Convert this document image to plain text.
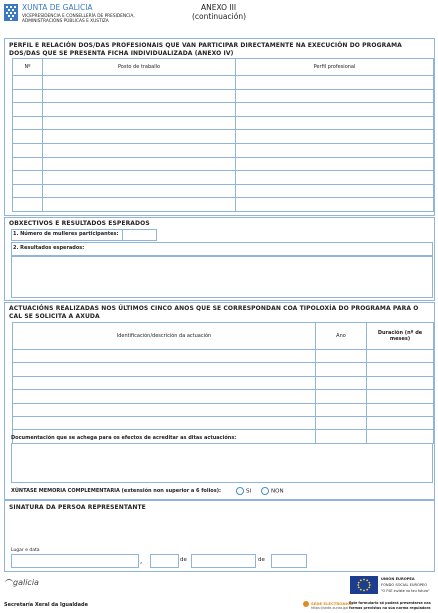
XUNTA DE GALICIA
VICEPRESIDENCIA E CONSELLERÍA DE PRESIDENCIA,
ADMINISTRACIÓNS PÚBLICAS E XUSTIZA
ANEXO III
(continuación)
PERFIL E RELACIÓN DOS/DAS PROFESIONAIS QUE VAN PARTICIPAR DIRECTAMENTE NA EXECUCIÓN DO PROGRAMA DOS/DAS QUE SE PRESENTA FICHA INDIVIDUALIZADA (ANEXO IV)
Nº	Posto de traballo	Perfil profesional

OBXECTIVOS E RESULTADOS ESPERADOS
1. Número de mulleres participantes:
2. Resultados esperados:
ACTUACIÓNS REALIZADAS NOS ÚLTIMOS CINCO ANOS QUE SE CORRESPONDAN COA TIPOLOXÍA DO PROGRAMA PARA O CAL SE SOLICITA A AXUDA
Identificación/descrición da actuación	Ano	Duración (nº de meses)

Documentación que se achega para os efectos de acreditar as ditas actuacións:
XÚNTASE MEMORIA COMPLEMENTARIA (extensión non superior a 6 folios):	SI	NON
SINATURA DA PERSOA REPRESENTANTE
Lugar e data
,	de	de
galicia	UNIÓN EUROPEA
FONDO SOCIAL EUROPEO
"O FSE inviste no teu futuro"
Secretaría Xeral da Igualdade	SEDE ELECTRÓNICA
https://sede.xunta.gal
Este formulario só poderá presentarse nas
formas previstas na súa norma reguladora
